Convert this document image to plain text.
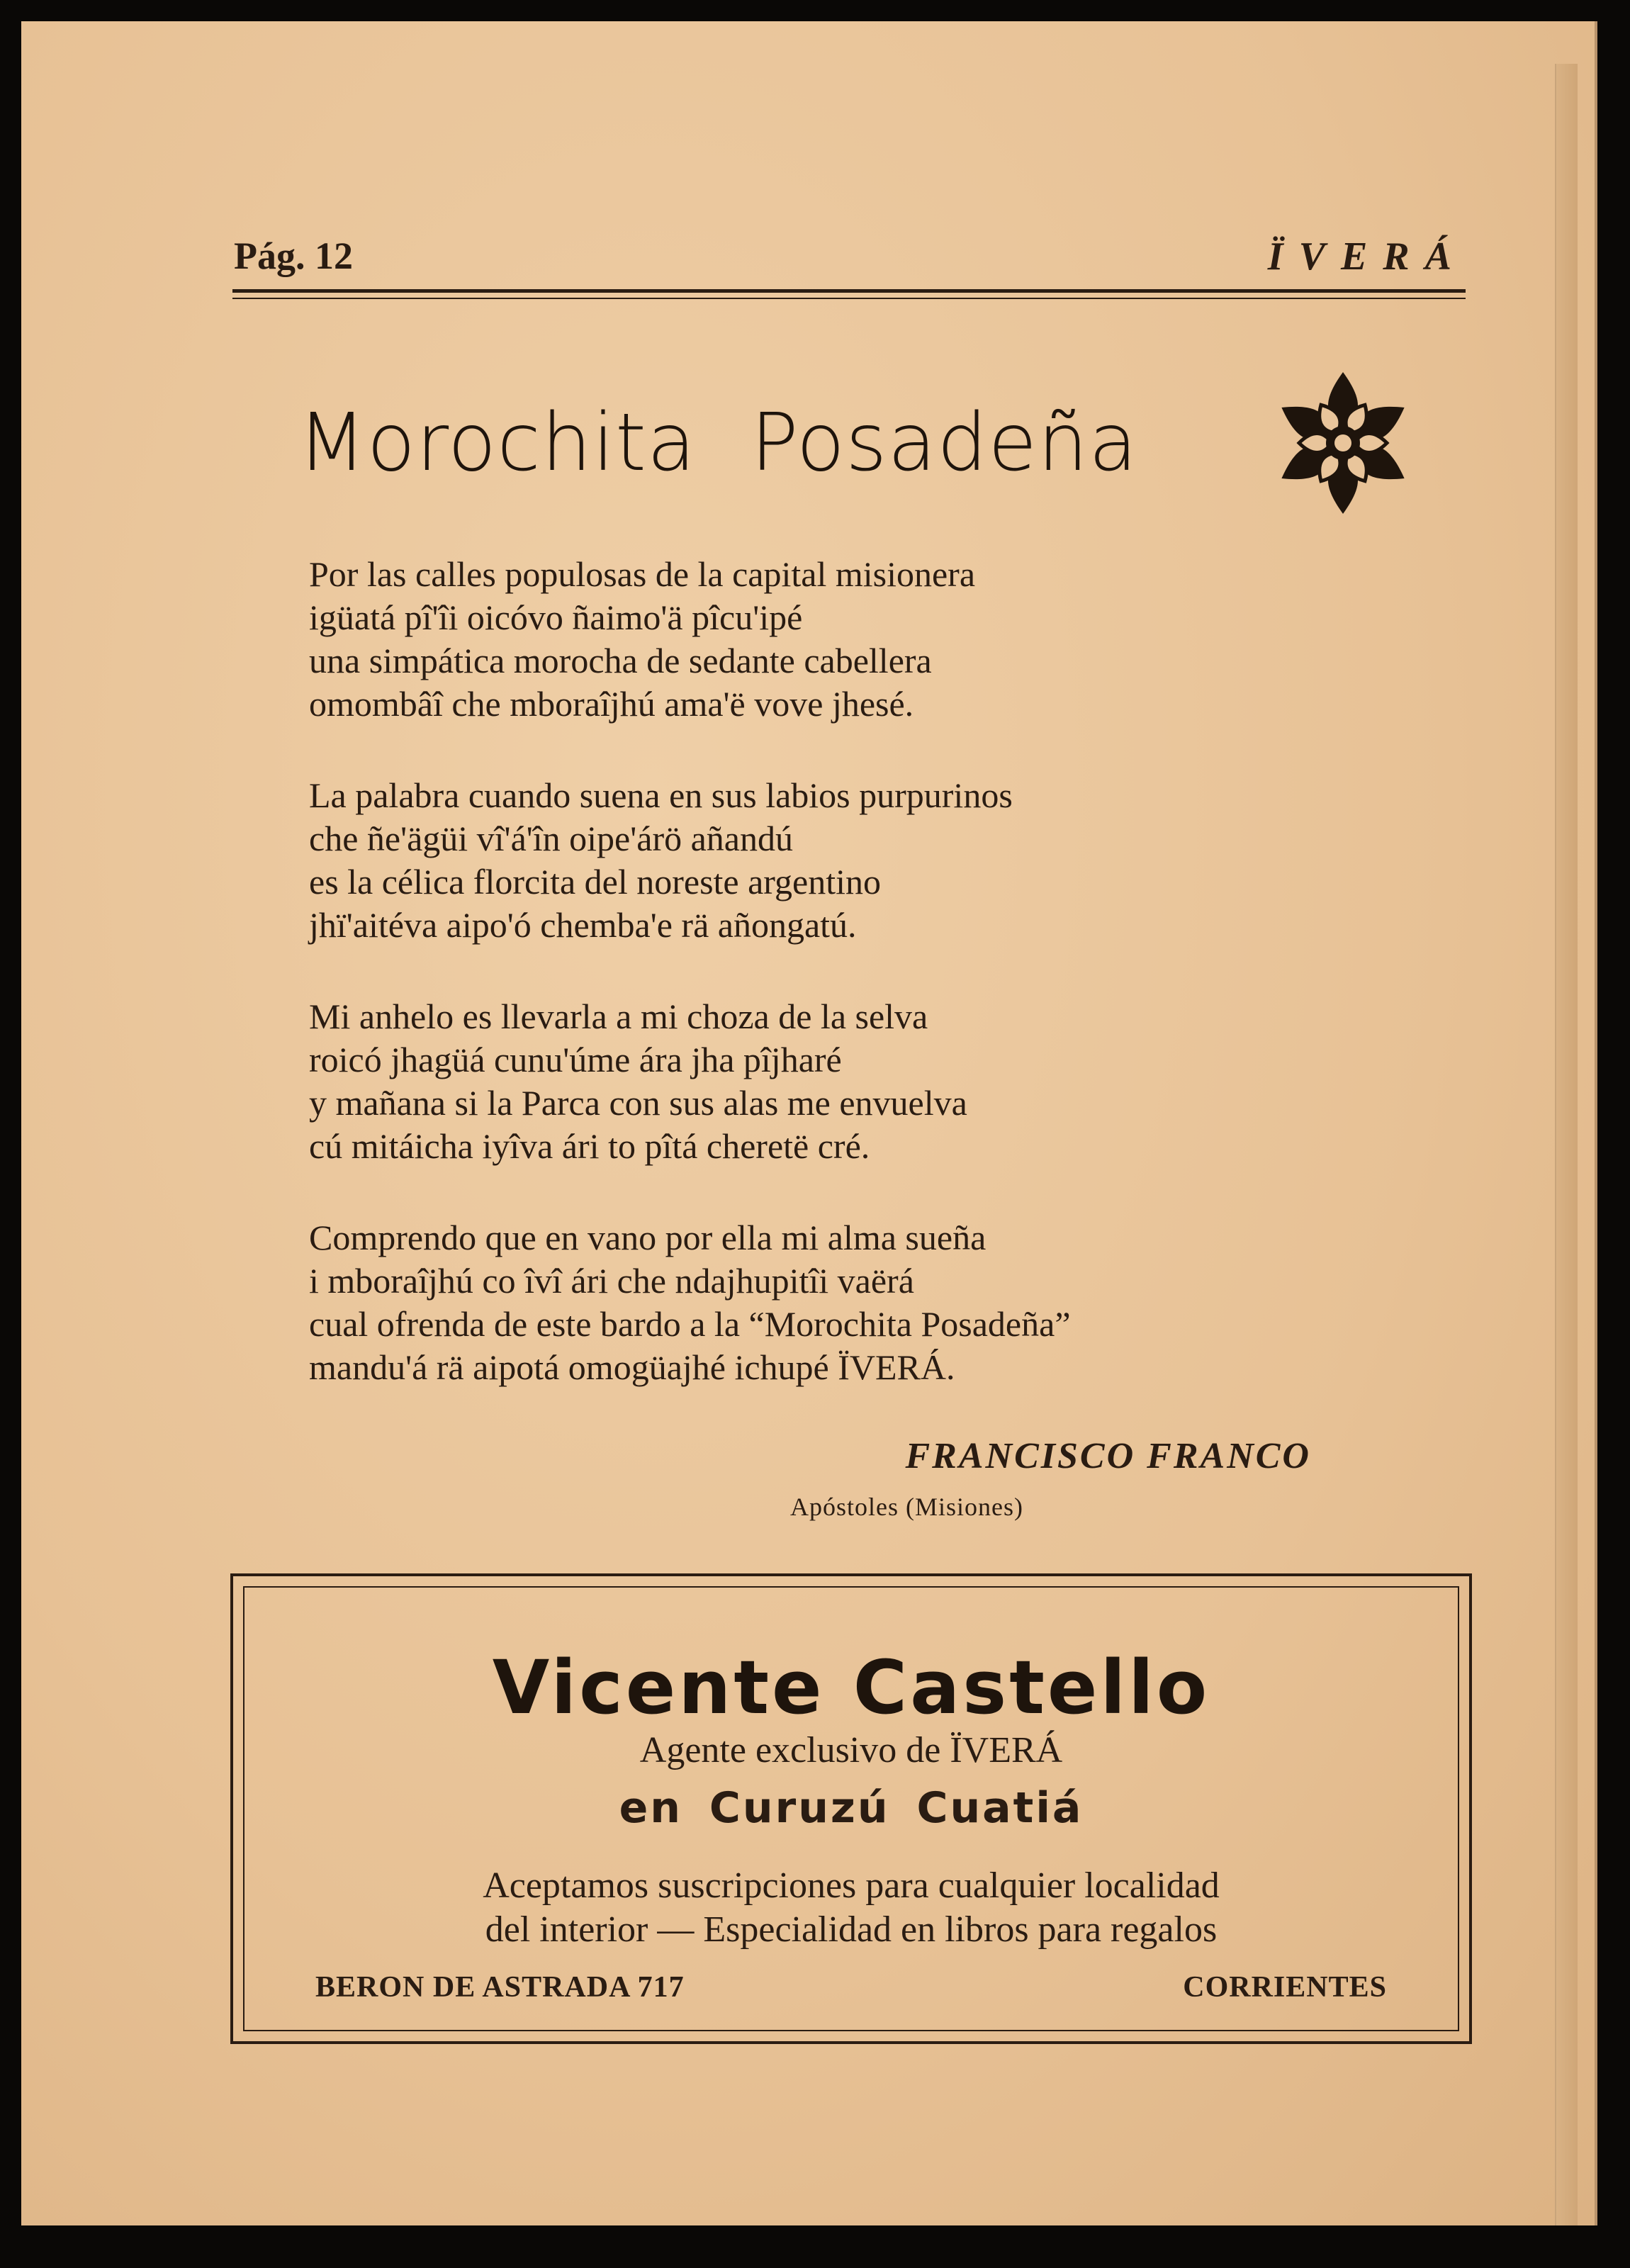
Pág. 12	ÏVERÁ
Morochita Posadeña
Por las calles populosas de la capital misionera
igüatá pî'îi oicóvo ñaimo'ä pîcu'ipé
una simpática morocha de sedante cabellera
omombâî che mboraîjhú ama'ë vove jhesé.
La palabra cuando suena en sus labios purpurinos
che ñe'ägüi vî'á'în oipe'árö añandú
es la célica florcita del noreste argentino
jhï'aitéva aipo'ó chemba'e rä añongatú.
Mi anhelo es llevarla a mi choza de la selva
roicó jhagüá cunu'úme ára jha pîjharé
y mañana si la Parca con sus alas me envuelva
cú mitáicha iyîva ári to pîtá cheretë cré.
Comprendo que en vano por ella mi alma sueña
i mboraîjhú co îvî ári che ndajhupitîi vaërá
cual ofrenda de este bardo a la “Morochita Posadeña”
mandu'á rä aipotá omogüajhé ichupé ÏVERÁ.
FRANCISCO FRANCO
Apóstoles (Misiones)
Vicente Castello
Agente exclusivo de ÏVERÁ
en Curuzú Cuatiá
Aceptamos suscripciones para cualquier localidad
del interior — Especialidad en libros para regalos
BERON DE ASTRADA 717	CORRIENTES
